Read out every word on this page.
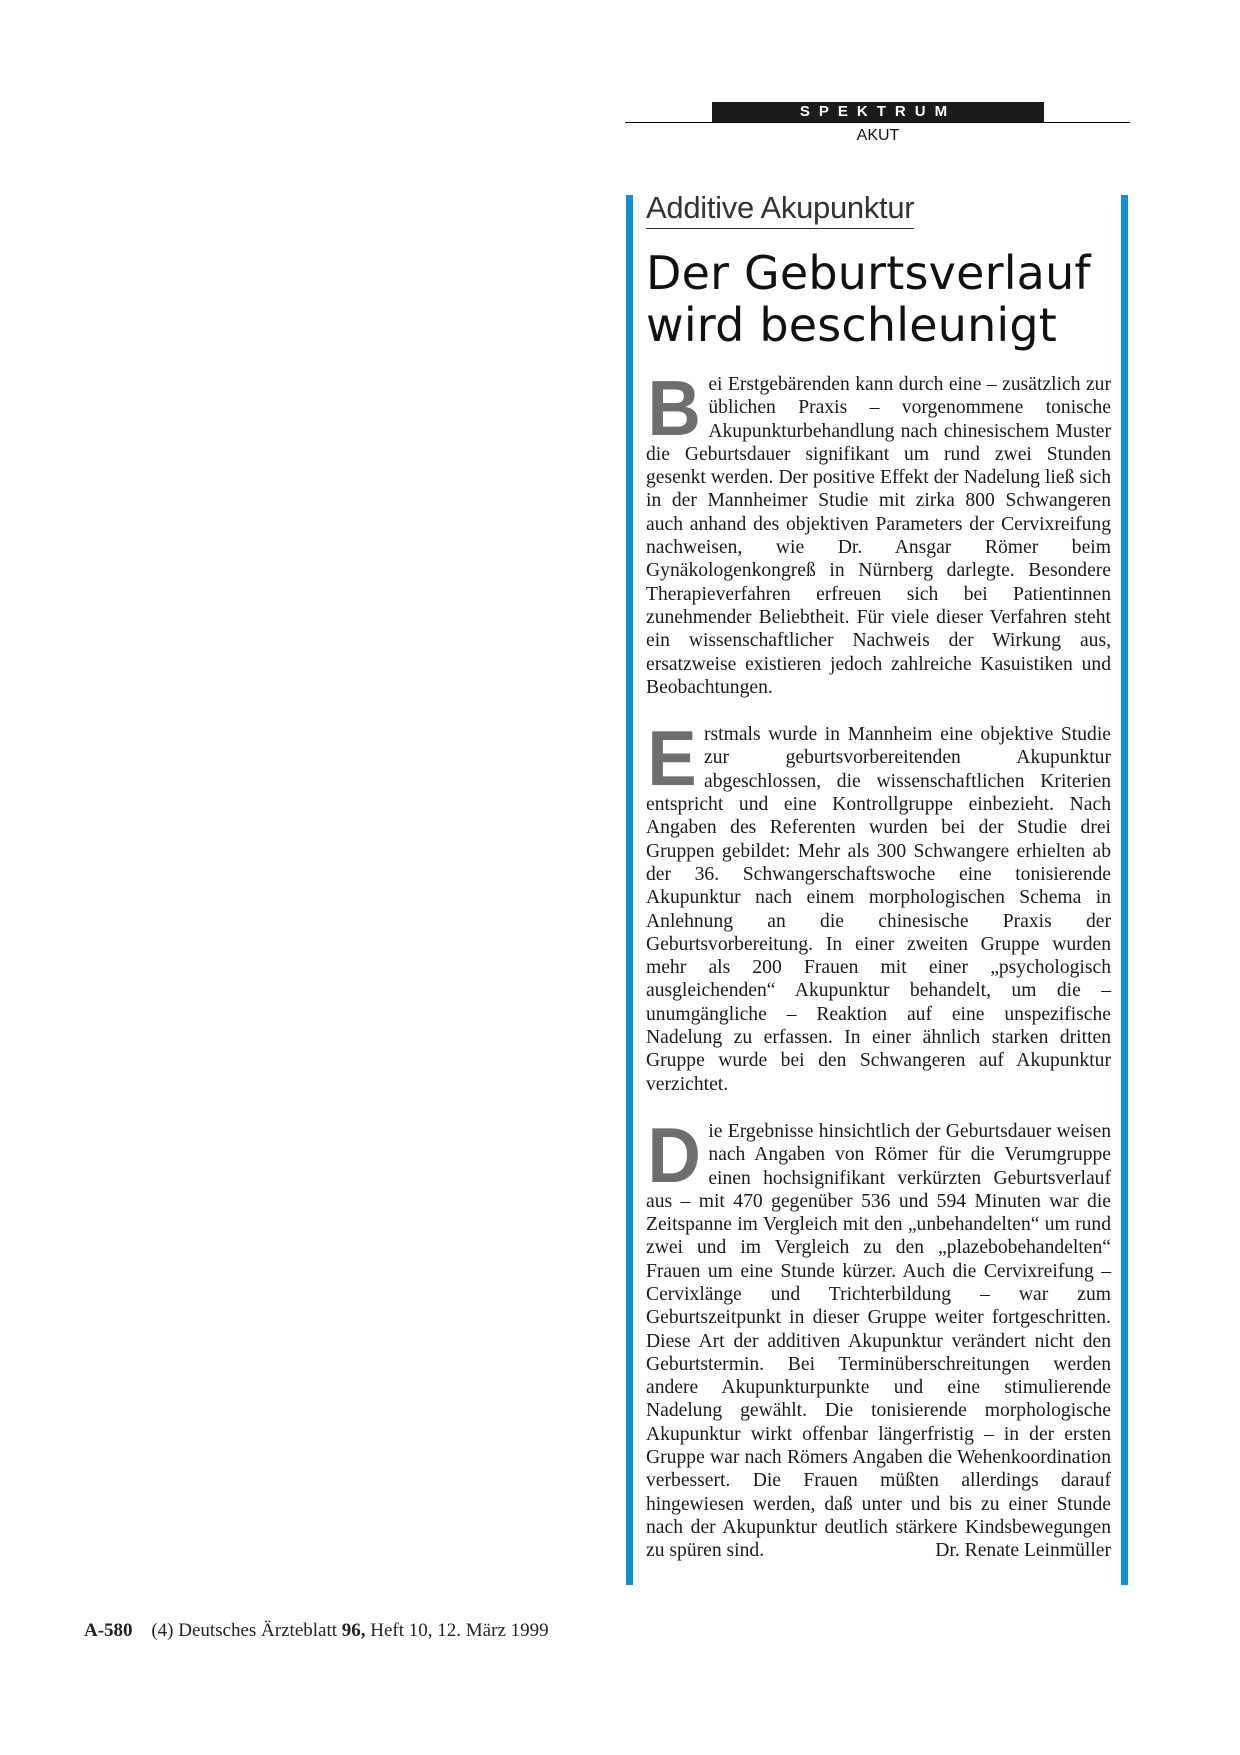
SPEKTRUM
AKUT
Additive Akupunktur
Der Geburtsverlauf wird beschleunigt

Bei Erstgebärenden kann durch eine – zusätzlich zur üblichen Praxis – vorgenommene tonische Akupunkturbehandlung nach chinesischem Muster die Geburtsdauer signifikant um rund zwei Stunden gesenkt werden. Der positive Effekt der Nadelung ließ sich in der Mannheimer Studie mit zirka 800 Schwangeren auch anhand des objektiven Parameters der Cervixreifung nachweisen, wie Dr. Ansgar Römer beim Gynäkologenkongreß in Nürnberg darlegte. Besondere Therapieverfahren erfreuen sich bei Patientinnen zunehmender Beliebtheit. Für viele dieser Verfahren steht ein wissenschaftlicher Nachweis der Wirkung aus, ersatzweise existieren jedoch zahlreiche Kasuistiken und Beobachtungen.

Erstmals wurde in Mannheim eine objektive Studie zur geburtsvorbereitenden Akupunktur abgeschlossen, die wissenschaftlichen Kriterien entspricht und eine Kontrollgruppe einbezieht. Nach Angaben des Referenten wurden bei der Studie drei Gruppen gebildet: Mehr als 300 Schwangere erhielten ab der 36. Schwangerschaftswoche eine tonisierende Akupunktur nach einem morphologischen Schema in Anlehnung an die chinesische Praxis der Geburtsvorbereitung. In einer zweiten Gruppe wurden mehr als 200 Frauen mit einer „psychologisch ausgleichenden“ Akupunktur behandelt, um die – unumgängliche – Reaktion auf eine unspezifische Nadelung zu erfassen. In einer ähnlich starken dritten Gruppe wurde bei den Schwangeren auf Akupunktur verzichtet.

Die Ergebnisse hinsichtlich der Geburtsdauer weisen nach Angaben von Römer für die Verumgruppe einen hochsignifikant verkürzten Geburtsverlauf aus – mit 470 gegenüber 536 und 594 Minuten war die Zeitspanne im Vergleich mit den „unbehandelten“ um rund zwei und im Vergleich zu den „plazebobehandelten“ Frauen um eine Stunde kürzer. Auch die Cervixreifung – Cervixlänge und Trichterbildung – war zum Geburtszeitpunkt in dieser Gruppe weiter fortgeschritten. Diese Art der additiven Akupunktur verändert nicht den Geburtstermin. Bei Terminüberschreitungen werden andere Akupunkturpunkte und eine stimulierende Nadelung gewählt. Die tonisierende morphologische Akupunktur wirkt offenbar längerfristig – in der ersten Gruppe war nach Römers Angaben die Wehenkoordination verbessert. Die Frauen müßten allerdings darauf hingewiesen werden, daß unter und bis zu einer Stunde nach der Akupunktur deutlich stärkere Kindsbewegungen zu spüren sind.	Dr. Renate Leinmüller

A-580 (4) Deutsches Ärzteblatt 96, Heft 10, 12. März 1999
